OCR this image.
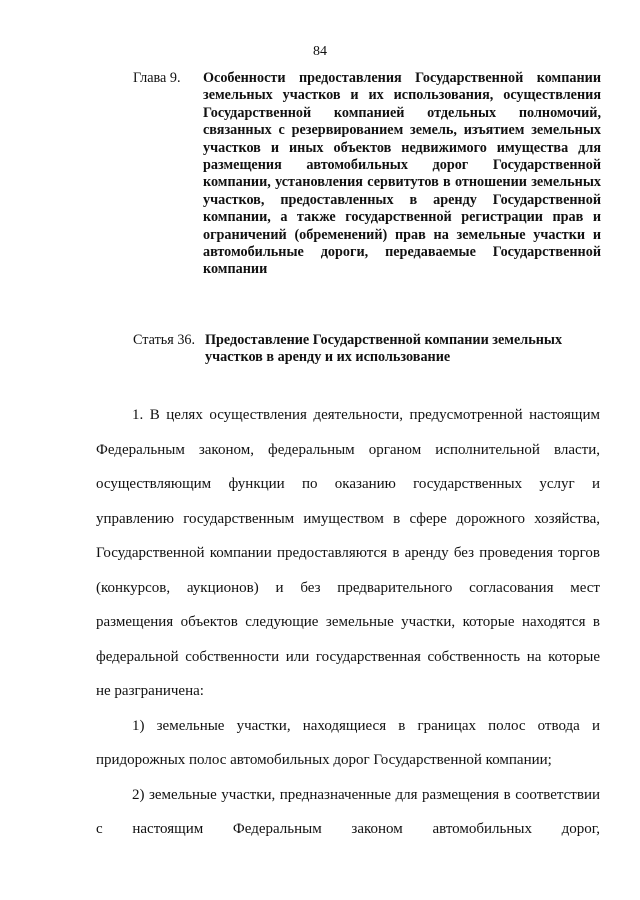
84
Глава 9.	Особенности предоставления Государственной компании земельных участков и их использования, осуществления Государственной компанией отдельных полномочий, связанных с резервированием земель, изъятием земельных участков и иных объектов недвижимого имущества для размещения автомобильных дорог Государственной компании, установления сервитутов в отношении земельных участков, предоставленных в аренду Государственной компании, а также государственной регистрации прав и ограничений (обременений) прав на земельные участки и автомобильные дороги, передаваемые Государственной компании
Статья 36. Предоставление Государственной компании земельных участков в аренду и их использование

1. В целях осуществления деятельности, предусмотренной настоящим Федеральным законом, федеральным органом исполнительной власти, осуществляющим функции по оказанию государственных услуг и управлению государственным имуществом в сфере дорожного хозяйства, Государственной компании предоставляются в аренду без проведения торгов (конкурсов, аукционов) и без предварительного согласования мест размещения объектов следующие земельные участки, которые находятся в федеральной собственности или государственная собственность на которые не разграничена:

1) земельные участки, находящиеся в границах полос отвода и придорожных полос автомобильных дорог Государственной компании;

2) земельные участки, предназначенные для размещения в соответствии с настоящим Федеральным законом автомобильных дорог,
